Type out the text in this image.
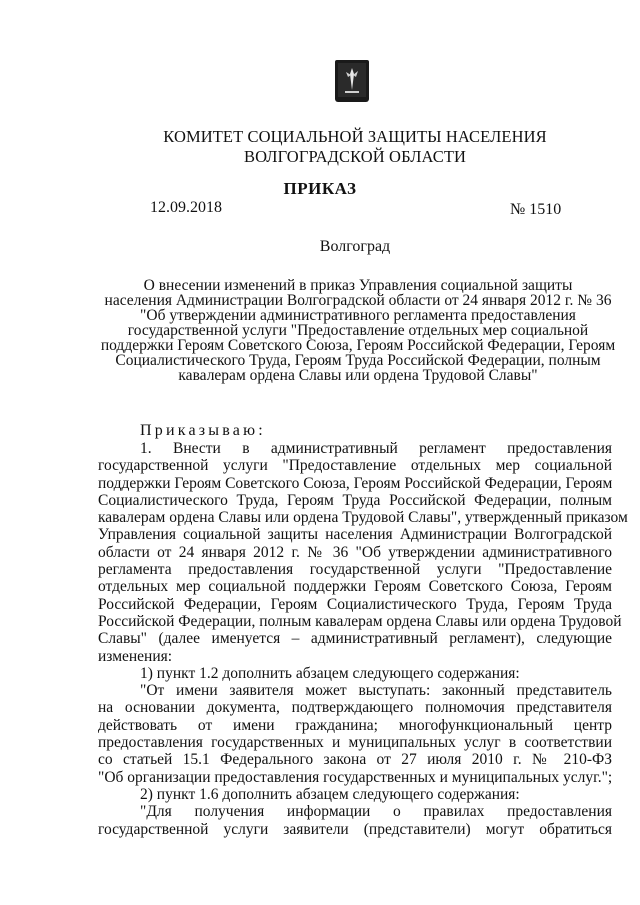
КОМИТЕТ СОЦИАЛЬНОЙ ЗАЩИТЫ НАСЕЛЕНИЯ
ВОЛГОГРАДСКОЙ ОБЛАСТИ
ПРИКАЗ
12.09.2018	№ 1510
Волгоград
О внесении изменений в приказ Управления социальной защиты
населения Администрации Волгоградской области от 24 января 2012 г. № 36
"Об утверждении административного регламента предоставления
государственной услуги "Предоставление отдельных мер социальной
поддержки Героям Советского Союза, Героям Российской Федерации, Героям
Социалистического Труда, Героям Труда Российской Федерации, полным
кавалерам ордена Славы или ордена Трудовой Славы"
Приказываю:
1. Внести в административный регламент предоставления
государственной услуги "Предоставление отдельных мер социальной
поддержки Героям Советского Союза, Героям Российской Федерации, Героям
Социалистического Труда, Героям Труда Российской Федерации, полным
кавалерам ордена Славы или ордена Трудовой Славы", утвержденный приказом
Управления социальной защиты населения Администрации Волгоградской
области от 24 января 2012 г. № 36 "Об утверждении административного
регламента предоставления государственной услуги "Предоставление
отдельных мер социальной поддержки Героям Советского Союза, Героям
Российской Федерации, Героям Социалистического Труда, Героям Труда
Российской Федерации, полным кавалерам ордена Славы или ордена Трудовой
Славы" (далее именуется – административный регламент), следующие
изменения:
1) пункт 1.2 дополнить абзацем следующего содержания:
"От имени заявителя может выступать: законный представитель
на основании документа, подтверждающего полномочия представителя
действовать от имени гражданина; многофункциональный центр
предоставления государственных и муниципальных услуг в соответствии
со статьей 15.1 Федерального закона от 27 июля 2010 г. № 210-ФЗ
"Об организации предоставления государственных и муниципальных услуг.";
2) пункт 1.6 дополнить абзацем следующего содержания:
"Для получения информации о правилах предоставления
государственной услуги заявители (представители) могут обратиться
